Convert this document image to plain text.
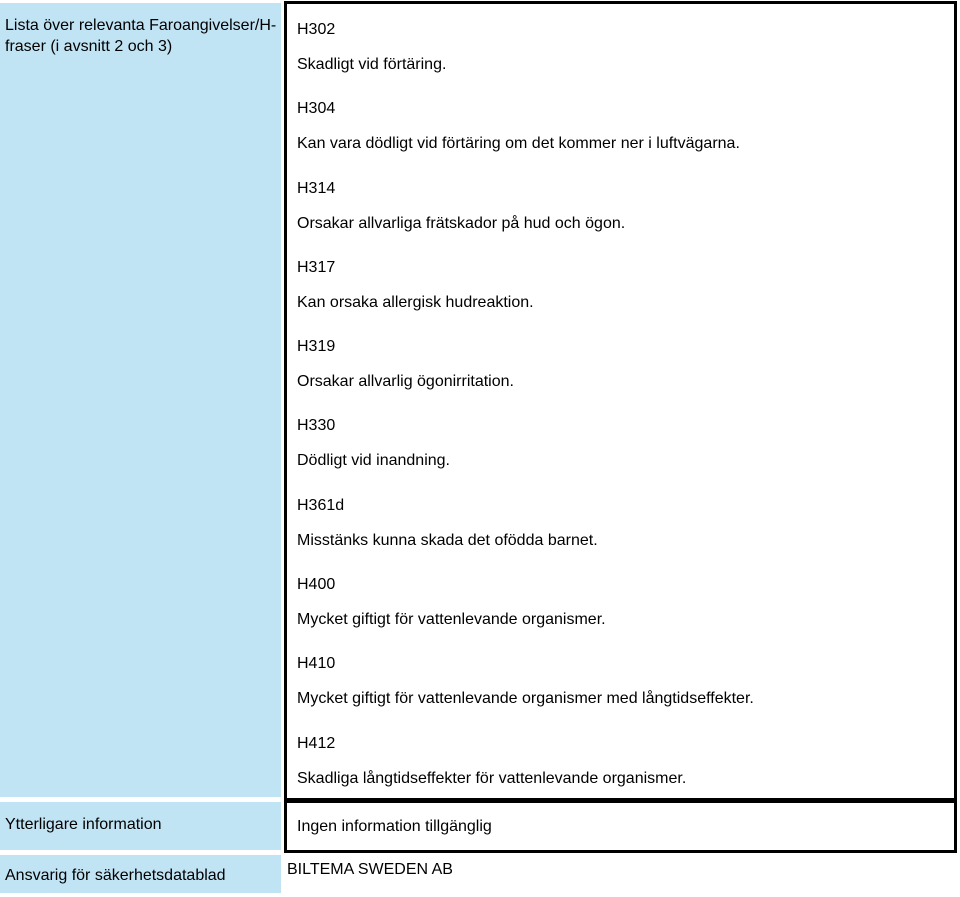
Lista över relevanta Faroangivelser/H-fraser (i avsnitt 2 och 3)
H302
Skadligt vid förtäring.
H304
Kan vara dödligt vid förtäring om det kommer ner i luftvägarna.
H314
Orsakar allvarliga frätskador på hud och ögon.
H317
Kan orsaka allergisk hudreaktion.
H319
Orsakar allvarlig ögonirritation.
H330
Dödligt vid inandning.
H361d
Misstänks kunna skada det ofödda barnet.
H400
Mycket giftigt för vattenlevande organismer.
H410
Mycket giftigt för vattenlevande organismer med långtidseffekter.
H412
Skadliga långtidseffekter för vattenlevande organismer.
Ytterligare information	Ingen information tillgänglig
Ansvarig för säkerhetsdatablad	BILTEMA SWEDEN AB
